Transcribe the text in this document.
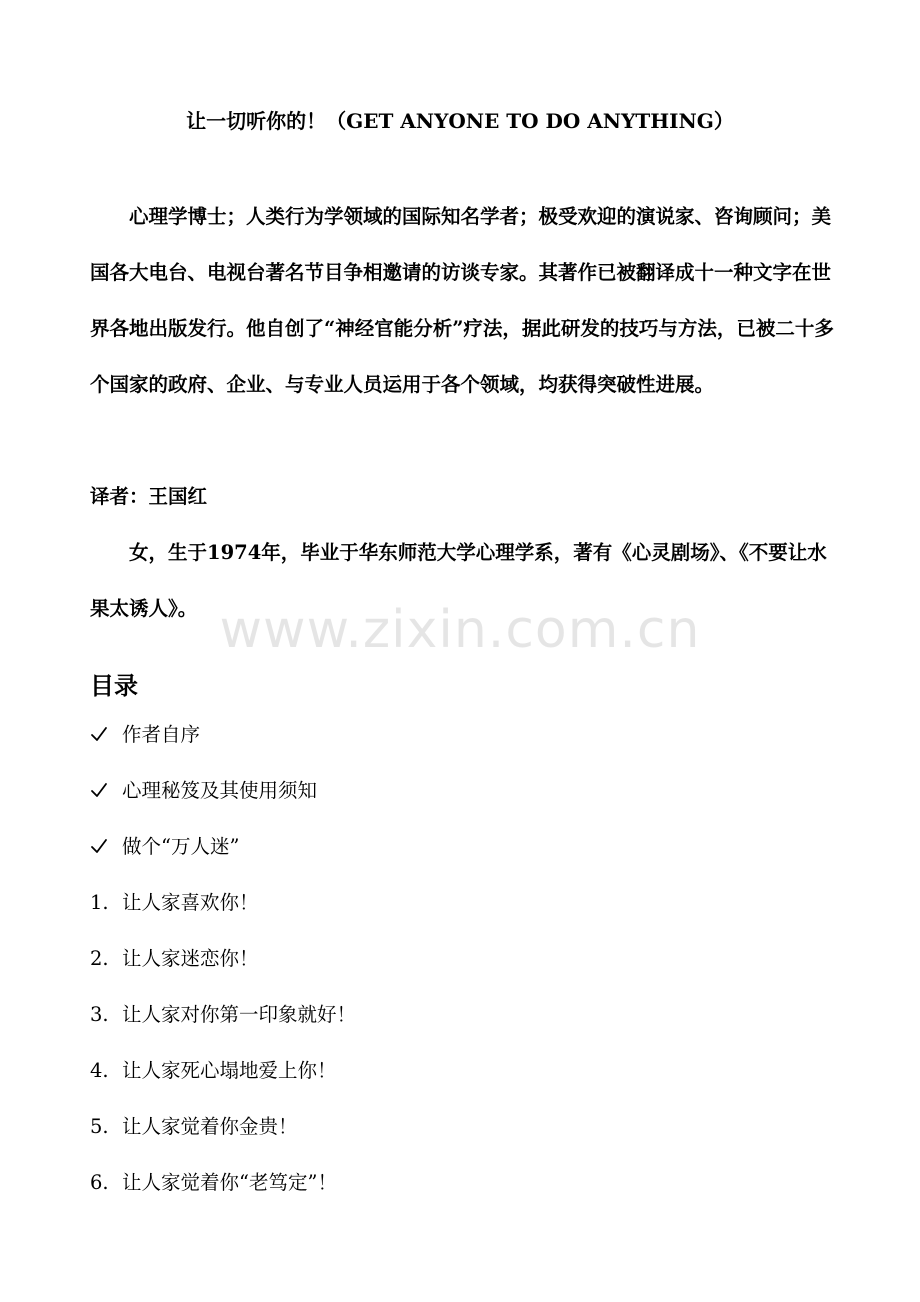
让一切听你的！（GET ANYONE TO DO ANYTHING）

心理学博士；人类行为学领域的国际知名学者；极受欢迎的演说家、咨询顾问；美国各大电台、电视台著名节目争相邀请的访谈专家。其著作已被翻译成十一种文字在世界各地出版发行。他自创了“神经官能分析”疗法，据此研发的技巧与方法，已被二十多个国家的政府、企业、与专业人员运用于各个领域，均获得突破性进展。

译者：王国红

女，生于1974年，毕业于华东师范大学心理学系，著有《心灵剧场》、《不要让水果太诱人》。 www.zixin.com.cn
目录
作者自序
心理秘笈及其使用须知
做个“万人迷”
1. 让人家喜欢你！
2. 让人家迷恋你！
3. 让人家对你第一印象就好！
4. 让人家死心塌地爱上你！
5. 让人家觉着你金贵！
6. 让人家觉着你“老笃定”！
